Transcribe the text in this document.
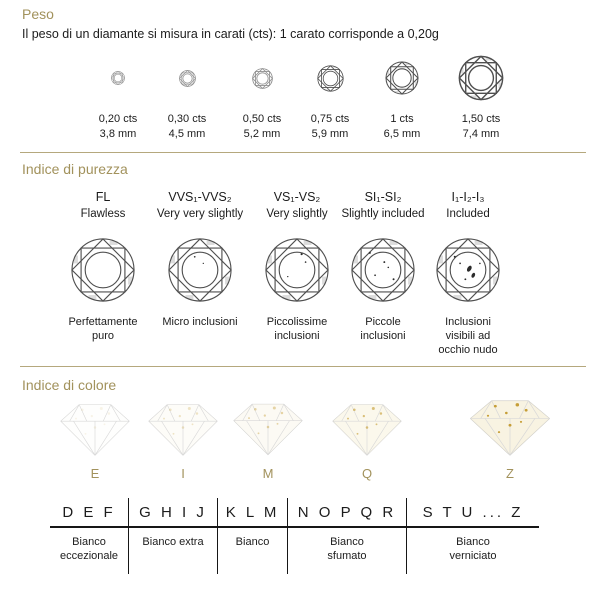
Peso
Il peso di un diamante si misura in carati (cts): 1 carato corrisponde a 0,20g
0,20 cts
3,8 mm
0,30 cts
4,5 mm
0,50 cts
5,2 mm
0,75 cts
5,9 mm
1 cts
6,5 mm
1,50 cts
7,4 mm
Indice di purezza
FL
Flawless
Perfettamente puro
VVS₁-VVS₂
Very very slightly
Micro inclusioni
VS₁-VS₂
Very slightly
Piccolissime inclusioni
SI₁-SI₂
Slightly included
Piccole inclusioni
I₁-I₂-I₃
Included
Inclusioni visibili ad occhio nudo
Indice di colore
E	I	M	Q	Z
D E F
Bianco eccezionale
G H I J
Bianco extra
K L M
Bianco
N O P Q R
Bianco sfumato
S T U ... Z
Bianco verniciato
